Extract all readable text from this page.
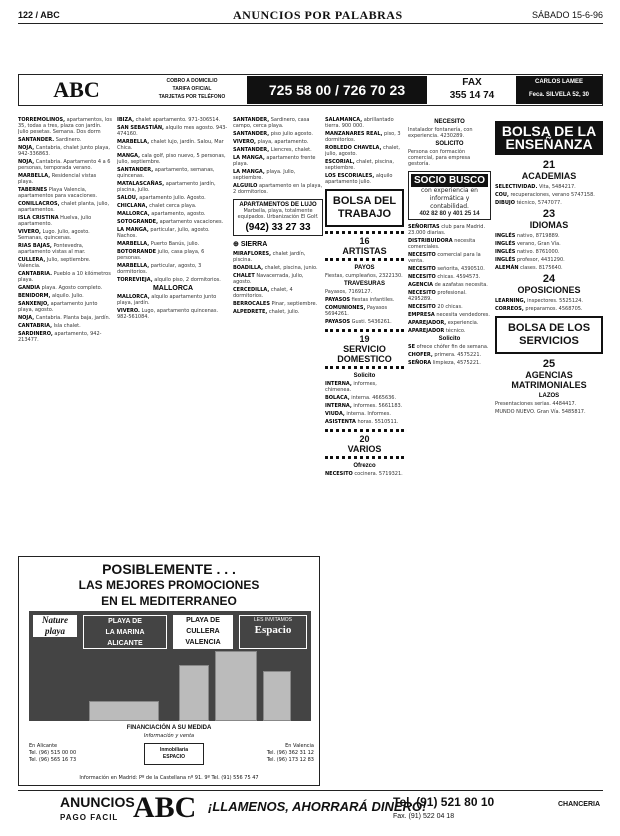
122 / ABC	ANUNCIOS POR PALABRAS	SÁBADO 15-6-96
ABC	COBRO A DOMICILIO
TARIFA OFICIAL
TARJETAS POR TELÉFONO	725 58 00 / 726 70 23	FAX
355 14 74
CARLOS LAMEE
Feca. SILVELA 52, 30

TORREMOLINOS, apartamentos, los 35, todas a tres, plaza con jardín. Julio pesetas. Semana. Dos dorm

SANTANDER. Sardinero.

NOJA, Cantabria, chalet junto playa, 942-336863.

NOJA, Cantabria. Apartamento 4 a 6 personas, temporada verano.

MARBELLA, Residencial vistas playa.

TABERNES Playa Valencia, apartamentos para vacaciones.

CONILLACROS, chalet planta, julio, apartamentos.

ISLA CRISTINA Huelva, julio apartamento.

VIVERO, Lugo. Julio, agosto. Semanas, quincenas.

RIAS BAJAS, Pontevedra, apartamento vistas al mar.

CULLERA, Julio, septiembre. Valencia.

CANTABRIA. Pueblo a 10 kilómetros playa.

GANDIA playa. Agosto completo.

BENIDORM, alquilo. Julio.

SANXENJO, apartamento junto playa, agosto.

NOJA, Cantabria. Planta baja, jardín.

CANTABRIA, Isla chalet.

SARDINERO, apartamento, 942-213477.

IBIZA, chalet apartamento. 971-306514.

SAN SEBASTIÁN, alquilo mes agosto. 943-474160.

MARBELLA, chalet lujo, jardín. Salou, Mar Chica.

MANGA, cala golf, piso nuevo, 5 personas, julio, septiembre.

SANTANDER, apartamento, semanas, quincenas.

MATALASCAÑAS, apartamento jardín, piscina, julio.

SALOU, apartamento julio. Agosto.

CHICLANA, chalet cerca playa.

MALLORCA, apartamento, agosto.

SOTOGRANDE, apartamento vacaciones.

LA MANGA, particular, julio, agosto. Nachos.

MARBELLA, Puerto Banús, julio.

BOTORRANDE julio, casa playa, 6 personas.

MARBELLA, particular, agosto, 3 dormitorios.

TORREVIEJA, alquilo piso, 2 dormitorios.

MALLORCA

MALLORCA, alquilo apartamento junto playa, jardín.

VIVERO. Lugo, apartamento quincenas. 982-561084.

SANTANDER, Sardinero, casa campo, cerca playa.

SANTANDER, piso julio agosto.

VIVERO, playa, apartamento.

SANTANDER, Liencres, chalet.

LA MANGA, apartamento frente playa.

LA MANGA, playa. Julio, septiembre.

ALGUILO apartamento en la playa, 2 dormitorios.

APARTAMENTOS DE LUJO
Marbella, playa, totalmente equipados. Urbanización El Golf.
(942) 33 27 33
⊕ SIERRA

MIRAFLORES, chalet jardín, piscina.

BOADILLA, chalet, piscina, junio.

CHALET Navacerrada, julio, agosto.

CERCEDILLA, chalet, 4 dormitorios.

BERROCALES Pinar, septiembre.

ALPEDRETE, chalet, julio.

SALAMANCA, abrillantado tierra. 900 000.

MANZANARES REAL, piso, 3 dormitorios.

ROBLEDO CHAVELA, chalet, julio, agosto.

ESCORIAL, chalet, piscina, septiembre.

LOS ESCORIALES, alquilo apartamento julio.

BOLSA DEL TRABAJO
16
ARTISTAS
PAYOS

Fiestas, cumpleaños, 2322130.

TRAVESURAS

Payasos, 7169127.

PAYASOS fiestas infantiles.

COMUNIONES, Payasos 5694261.

PAYASOS Gusti. 5436261.

19
SERVICIO DOMESTICO
Solicito

INTERNA, informes, chimenea.

BOLACA, interna. 4665636.

INTERNA, informes. 5661183.

VIUDA, interna. Informes.

ASISTENTA horas. 5510511.

20
VARIOS
Ofrezco

NECESITO cocinera. 5719321.

NECESITO

Instalador fontanería, con experiencia. 4230289.

SOLICITO

Persona con formación comercial, para empresa gestoría.

SOCIO BUSCO
con experiencia en informática y contabilidad.
402 82 80 y 401 25 14

SEÑORITAS club para Madrid. 23.000 diarias.

DISTRIBUIDORA necesita comerciales.

NECESITO comercial para la venta.

NECESITO señorita, 4390510.

NECESITO chicas. 4594573.

AGENCIA de azafatas necesita.

NECESITO profesional. 4295289.

NECESITO 20 chicas.

EMPRESA necesita vendedores.

APAREJADOR, experiencia.

APAREJADOR técnico.

Solicito

SE ofrece chófer fin de semana.

CHOFER, primera. 4575221.

SEÑORA limpieza, 4575221.

BOLSA DE LA ENSEÑANZA
21
ACADEMIAS

SELECTIVIDAD. Vita, 5484217.

COU, recuperaciones, verano 5747158.

DIBUJO técnico, 5747077.

23
IDIOMAS

INGLÉS nativo, 8719889.

INGLÉS verano, Gran Vía.

INGLÉS nativo. 8761000.

INGLÉS profesor, 4431290.

ALEMÁN clases. 8175640.

24
OPOSICIONES

LEARNING, inspectores. 5525124.

CORREOS, preparamos. 4568705.

BOLSA DE LOS SERVICIOS
25
AGENCIAS MATRIMONIALES
LAZOS

Presentaciones serias. 4484417.

MUNDO NUEVO. Gran Vía. 5485817.

POSIBLEMENTE . . .
LAS MEJORES PROMOCIONES
EN EL MEDITERRANEO
Nature
playa
PLAYA DE
LA MARINA
ALICANTE
PLAYA DE
CULLERA
VALENCIA
LES INVITAMOS
Espacio
FINANCIACIÓN A SU MEDIDA
Información y venta
En Alicante
Tel. (96) 515 00 00
Tel. (96) 565 16 73
Inmobiliaria
ESPACIO
En Valencia
Tel. (96) 362 31 12
Tel. (96) 173 12 83
Información en Madrid: Pº de la Castellana nº 91. 9º Tel. (91) 556 75 47
ANUNCIOS
PAGO FACIL ABC ¡LLAMENOS, AHORRARÁ DINERO!
Tel. (91) 521 80 10
Fax. (91) 522 04 18
CHANCERIA
